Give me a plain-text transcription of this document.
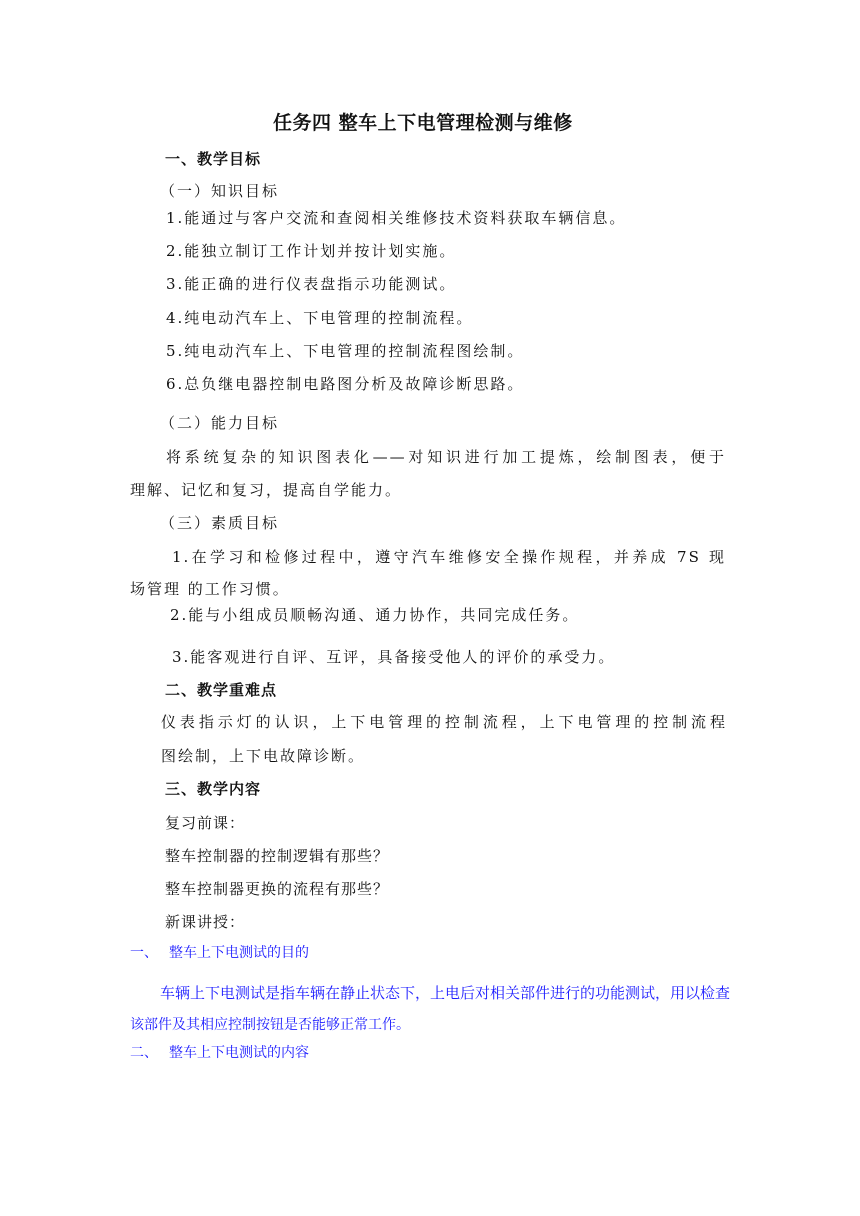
任务四 整车上下电管理检测与维修
一、教学目标
（一）知识目标
1.能通过与客户交流和查阅相关维修技术资料获取车辆信息。
2.能独立制订工作计划并按计划实施。
3.能正确的进行仪表盘指示功能测试。
4.纯电动汽车上、下电管理的控制流程。
5.纯电动汽车上、下电管理的控制流程图绘制。
6.总负继电器控制电路图分析及故障诊断思路。
（二）能力目标
将系统复杂的知识图表化——对知识进行加工提炼，绘制图表，便于
理解、记忆和复习，提高自学能力。
（三）素质目标
1.在学习和检修过程中，遵守汽车维修安全操作规程，并养成 7S 现
场管理 的工作习惯。
2.能与小组成员顺畅沟通、通力协作，共同完成任务。
3.能客观进行自评、互评，具备接受他人的评价的承受力。
二、教学重难点
仪表指示灯的认识，上下电管理的控制流程，上下电管理的控制流程
图绘制，上下电故障诊断。
三、教学内容
复习前课：
整车控制器的控制逻辑有那些？
整车控制器更换的流程有那些？
新课讲授：
一、 整车上下电测试的目的
车辆上下电测试是指车辆在静止状态下，上电后对相关部件进行的功能测试，用以检查
该部件及其相应控制按钮是否能够正常工作。
二、 整车上下电测试的内容
